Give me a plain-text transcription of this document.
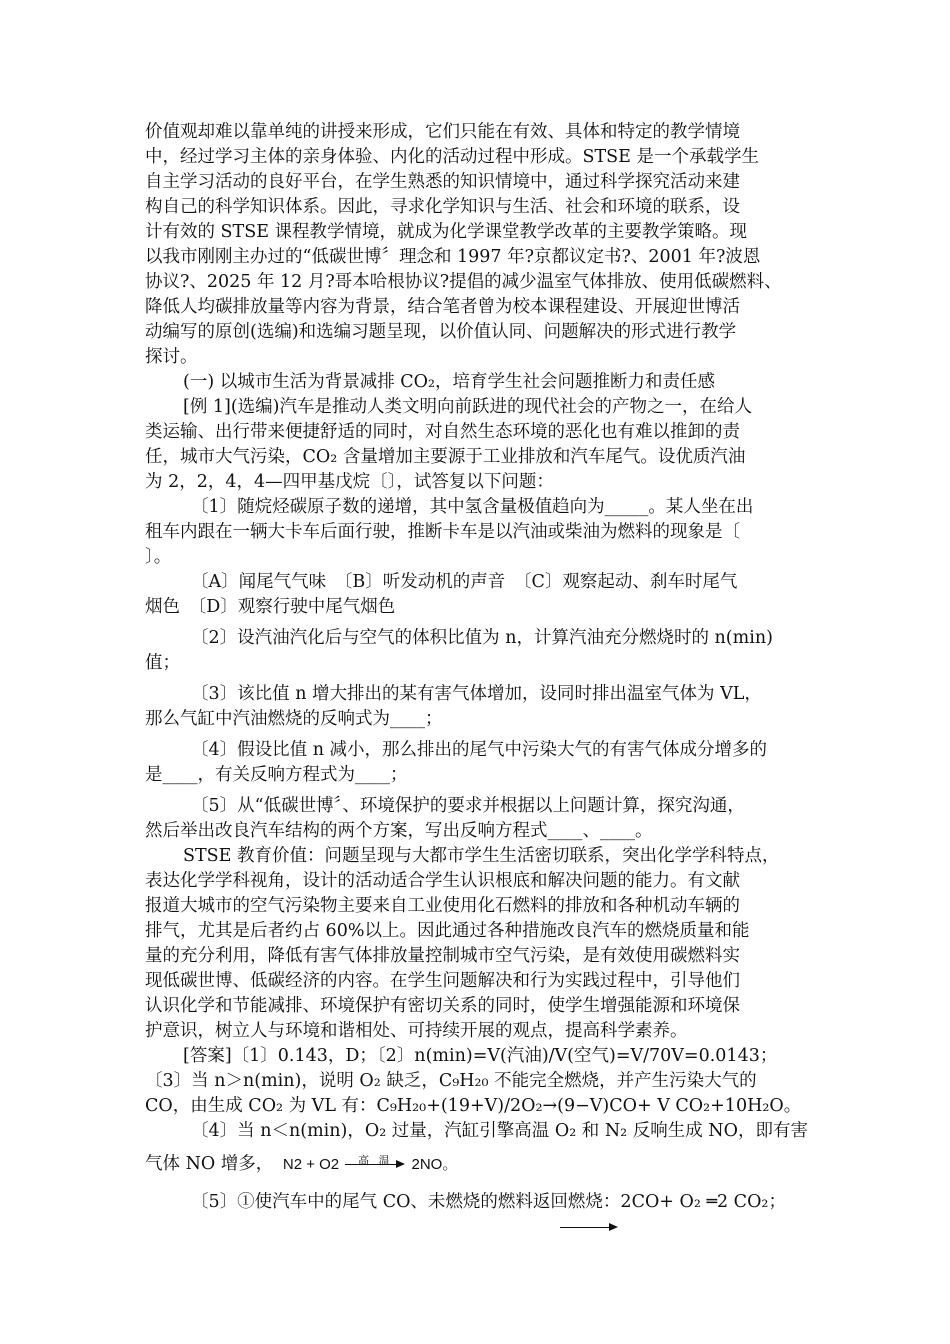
价值观却难以靠单纯的讲授来形成，它们只能在有效、具体和特定的教学情境
中，经过学习主体的亲身体验、内化的活动过程中形成。STSE 是一个承载学生
自主学习活动的良好平台，在学生熟悉的知识情境中，通过科学探究活动来建
构自己的科学知识体系。因此，寻求化学知识与生活、社会和环境的联系，设
计有效的 STSE 课程教学情境，就成为化学课堂教学改革的主要教学策略。现
以我市刚刚主办过的“低碳世博〞理念和 1997 年?京都议定书?、2001 年?波恩
协议?、2025 年 12 月?哥本哈根协议?提倡的减少温室气体排放、使用低碳燃料、
降低人均碳排放量等内容为背景，结合笔者曾为校本课程建设、开展迎世博活
动编写的原创(选编)和选编习题呈现，以价值认同、问题解决的形式进行教学
探讨。
(一) 以城市生活为背景减排 CO₂，培育学生社会问题推断力和责任感
[例 1](选编)汽车是推动人类文明向前跃进的现代社会的产物之一，在给人
类运输、出行带来便捷舒适的同时，对自然生态环境的恶化也有难以推卸的责
任，城市大气污染，CO₂ 含量增加主要源于工业排放和汽车尾气。设优质汽油
为 2，2，4，4—四甲基戊烷〔〕，试答复以下问题：
〔1〕随烷烃碳原子数的递增，其中氢含量极值趋向为_____。某人坐在出
租车内跟在一辆大卡车后面行驶，推断卡车是以汽油或柴油为燃料的现象是〔
〕。
〔A〕闻尾气气味　〔B〕听发动机的声音　〔C〕观察起动、刹车时尾气
烟色　〔D〕观察行驶中尾气烟色
〔2〕设汽油汽化后与空气的体积比值为 n，计算汽油充分燃烧时的 n(min)
值；
〔3〕该比值 n 增大排出的某有害气体增加，设同时排出温室气体为 VL，
那么气缸中汽油燃烧的反响式为____；
〔4〕假设比值 n 减小，那么排出的尾气中污染大气的有害气体成分增多的
是____，有关反响方程式为____；
〔5〕从“低碳世博〞、环境保护的要求并根据以上问题计算，探究沟通，
然后举出改良汽车结构的两个方案，写出反响方程式____、____。
STSE 教育价值：问题呈现与大都市学生生活密切联系，突出化学学科特点，
表达化学学科视角，设计的活动适合学生认识根底和解决问题的能力。有文献
报道大城市的空气污染物主要来自工业使用化石燃料的排放和各种机动车辆的
排气，尤其是后者约占 60%以上。因此通过各种措施改良汽车的燃烧质量和能
量的充分利用，降低有害气体排放量控制城市空气污染，是有效使用碳燃料实
现低碳世博、低碳经济的内容。在学生问题解决和行为实践过程中，引导他们
认识化学和节能减排、环境保护有密切关系的同时，使学生增强能源和环境保
护意识，树立人与环境和谐相处、可持续开展的观点，提高科学素养。
[答案]〔1〕0.143，D；〔2〕n(min)=V(汽油)/V(空气)=V/70V=0.0143；
〔3〕当 n＞n(min)，说明 O₂ 缺乏，C₉H₂₀ 不能完全燃烧，并产生污染大气的
CO，由生成 CO₂ 为 VL 有：C₉H₂₀+(19+V)/2O₂→(9−V)CO+ V CO₂+10H₂O。
〔4〕当 n＜n(min)，O₂ 过量，汽缸引擎高温 O₂ 和 N₂ 反响生成 NO，即有害
气体 NO 增多， N2 + O2	高 温	2NO。
〔5〕①使汽车中的尾气 CO、未燃烧的燃料返回燃烧：2CO+ O₂ ═2 CO₂；
